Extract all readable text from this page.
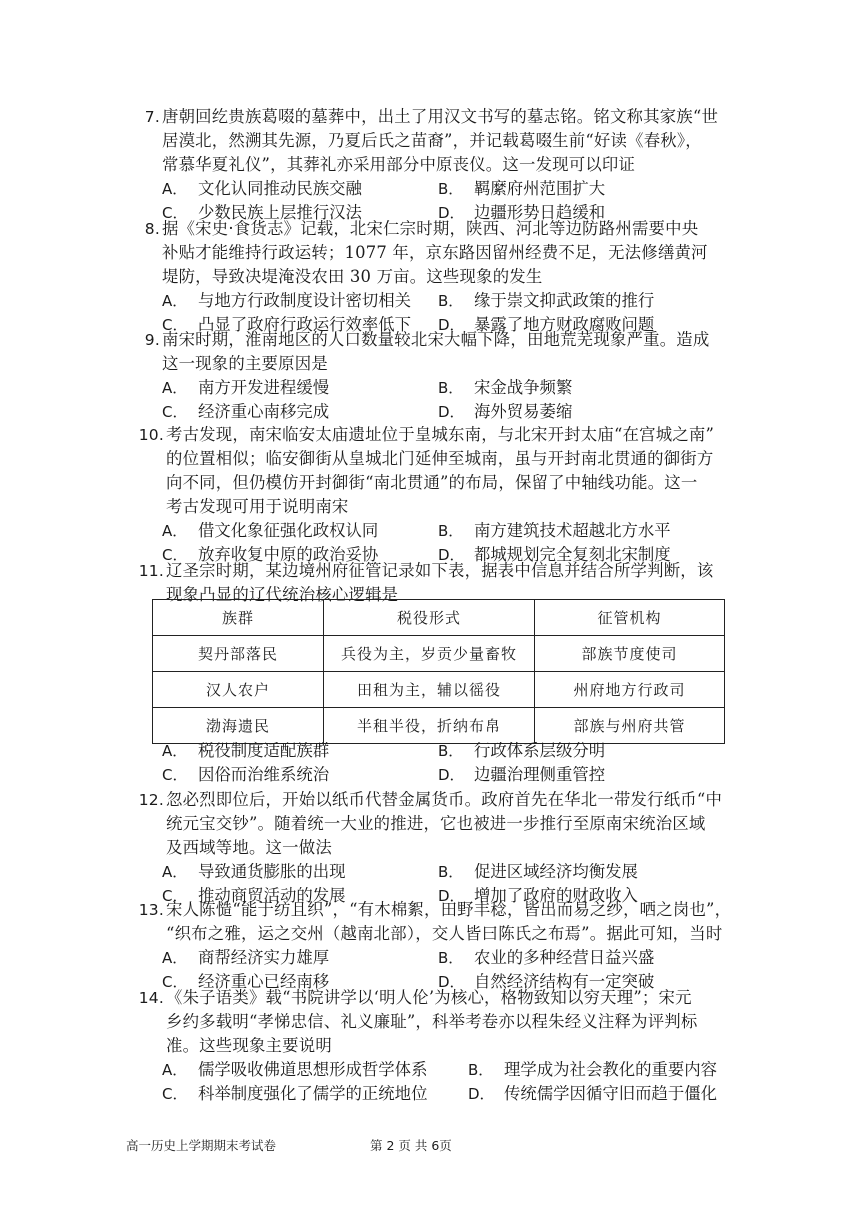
7. 唐朝回纥贵族葛啜的墓葬中，出土了用汉文书写的墓志铭。铭文称其家族“世
居漠北，然溯其先源，乃夏后氏之苗裔”，并记载葛啜生前“好读《春秋》，
常慕华夏礼仪”，其葬礼亦采用部分中原丧仪。这一发现可以印证
A． 文化认同推动民族交融	B． 羁縻府州范围扩大
C． 少数民族上层推行汉法	D． 边疆形势日趋缓和
8. 据《宋史·食货志》记载，北宋仁宗时期，陕西、河北等边防路州需要中央
补贴才能维持行政运转；1077 年，京东路因留州经费不足，无法修缮黄河
堤防，导致决堤淹没农田 30 万亩。这些现象的发生
A． 与地方行政制度设计密切相关 B． 缘于崇文抑武政策的推行
C． 凸显了政府行政运行效率低下 D． 暴露了地方财政腐败问题
9. 南宋时期，淮南地区的人口数量较北宋大幅下降，田地荒芜现象严重。造成
这一现象的主要原因是
A． 南方开发进程缓慢	B． 宋金战争频繁
C． 经济重心南移完成	D． 海外贸易萎缩
10. 考古发现，南宋临安太庙遗址位于皇城东南，与北宋开封太庙“在宫城之南”
的位置相似；临安御街从皇城北门延伸至城南，虽与开封南北贯通的御街方
向不同，但仍模仿开封御街“南北贯通”的布局，保留了中轴线功能。这一
考古发现可用于说明南宋
A． 借文化象征强化政权认同	B． 南方建筑技术超越北方水平
C． 放弃收复中原的政治妥协	D． 都城规划完全复刻北宋制度
11. 辽圣宗时期，某边境州府征管记录如下表，据表中信息并结合所学判断，该
现象凸显的辽代统治核心逻辑是
族群	税役形式	征管机构
契丹部落民	兵役为主，岁贡少量畜牧	部族节度使司
汉人农户	田租为主，辅以徭役	州府地方行政司
渤海遗民	半租半役，折纳布帛	部族与州府共管
A． 税役制度适配族群	B． 行政体系层级分明
C． 因俗而治维系统治	D． 边疆治理侧重管控
12. 忽必烈即位后，开始以纸币代替金属货币。政府首先在华北一带发行纸币“中
统元宝交钞”。随着统一大业的推进，它也被进一步推行至原南宋统治区域
及西域等地。这一做法
A． 导致通货膨胀的出现	B． 促进区域经济均衡发展
C． 推动商贸活动的发展	D． 增加了政府的财政收入
13. 宋人陈慥“能于纺且织”，“有木棉絮，田野丰稔，皆出而易之纱，哂之岗也”，
“织布之雅，运之交州（越南北部），交人皆曰陈氏之布焉”。据此可知，当时
A． 商帮经济实力雄厚	B． 农业的多种经营日益兴盛
C． 经济重心已经南移	D． 自然经济结构有一定突破
14. 《朱子语类》载“书院讲学以‘明人伦’为核心，格物致知以穷天理”；宋元
乡约多载明“孝悌忠信、礼义廉耻”，科举考卷亦以程朱经义注释为评判标
准。这些现象主要说明
A． 儒学吸收佛道思想形成哲学体系	B． 理学成为社会教化的重要内容
C． 科举制度强化了儒学的正统地位	D． 传统儒学因循守旧而趋于僵化
高一历史上学期期末考试卷	第 2 页 共 6页
